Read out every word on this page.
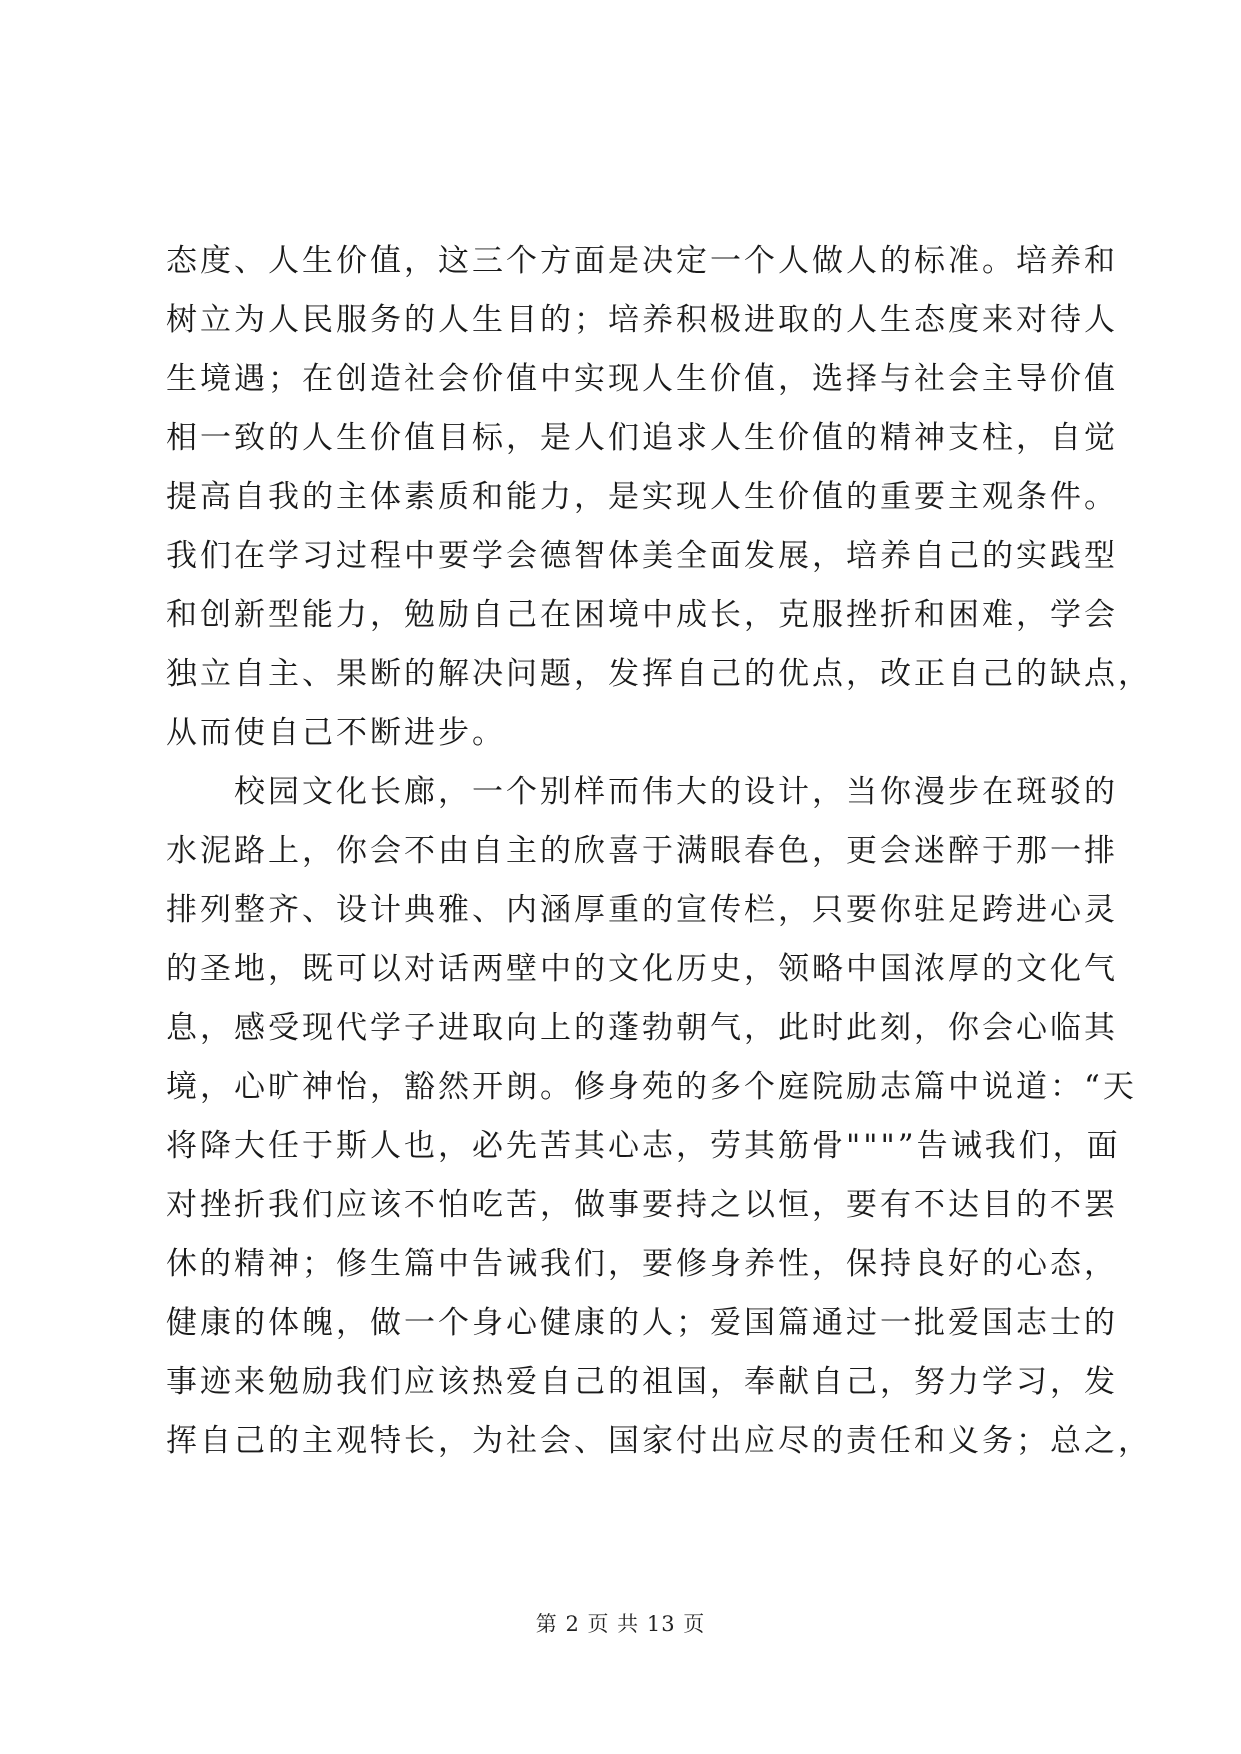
态度、人生价值，这三个方面是决定一个人做人的标准。培养和
树立为人民服务的人生目的；培养积极进取的人生态度来对待人
生境遇；在创造社会价值中实现人生价值，选择与社会主导价值
相一致的人生价值目标，是人们追求人生价值的精神支柱，自觉
提高自我的主体素质和能力，是实现人生价值的重要主观条件。
我们在学习过程中要学会德智体美全面发展，培养自己的实践型
和创新型能力，勉励自己在困境中成长，克服挫折和困难，学会
独立自主、果断的解决问题，发挥自己的优点，改正自己的缺点，
从而使自己不断进步。

校园文化长廊，一个别样而伟大的设计，当你漫步在斑驳的
水泥路上，你会不由自主的欣喜于满眼春色，更会迷醉于那一排
排列整齐、设计典雅、内涵厚重的宣传栏，只要你驻足跨进心灵
的圣地，既可以对话两壁中的文化历史，领略中国浓厚的文化气
息，感受现代学子进取向上的蓬勃朝气，此时此刻，你会心临其
境，心旷神怡，豁然开朗。修身苑的多个庭院励志篇中说道：“天
将降大任于斯人也，必先苦其心志，劳其筋骨"""”告诫我们，面
对挫折我们应该不怕吃苦，做事要持之以恒，要有不达目的不罢
休的精神；修生篇中告诫我们，要修身养性，保持良好的心态，
健康的体魄，做一个身心健康的人；爱国篇通过一批爱国志士的
事迹来勉励我们应该热爱自己的祖国，奉献自己，努力学习，发
挥自己的主观特长，为社会、国家付出应尽的责任和义务；总之，

第 2 页 共 13 页
